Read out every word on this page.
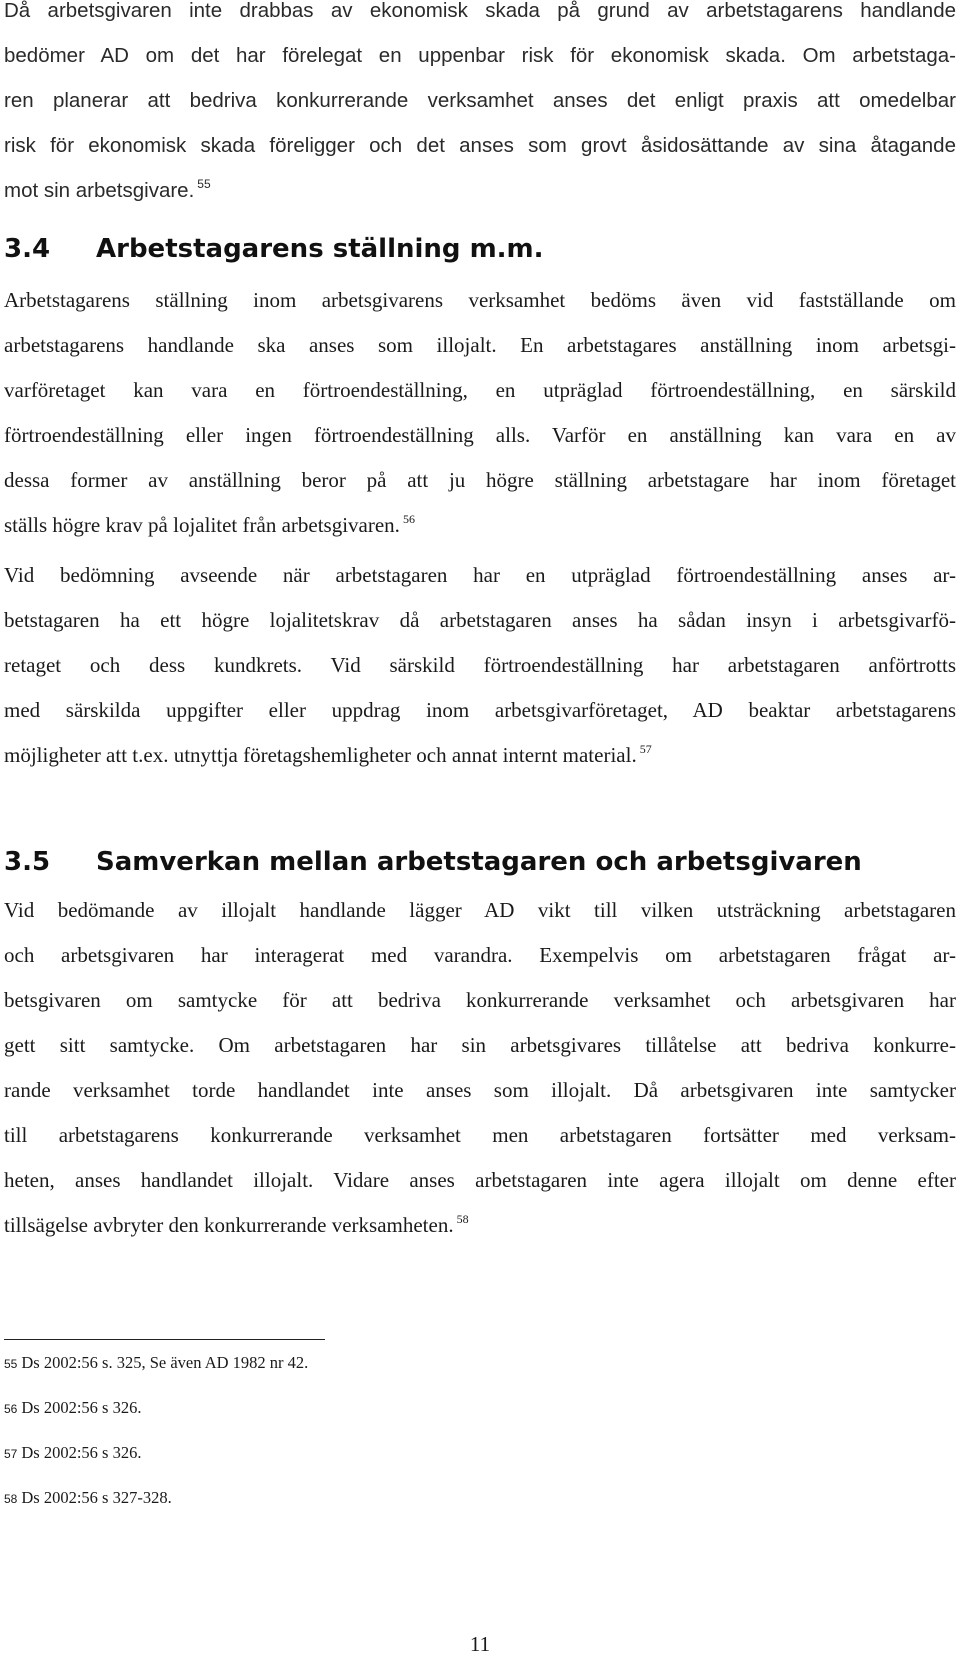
Då arbetsgivaren inte drabbas av ekonomisk skada på grund av arbetstagarens handlande
bedömer AD om det har förelegat en uppenbar risk för ekonomisk skada. Om arbetstaga-
ren planerar att bedriva konkurrerande verksamhet anses det enligt praxis att omedelbar
risk för ekonomisk skada föreligger och det anses som grovt åsidosättande av sina åtagande
mot sin arbetsgivare. $^{55}$

3.4 Arbetstagarens ställning m.m.

Arbetstagarens ställning inom arbetsgivarens verksamhet bedöms även vid fastställande om
arbetstagarens handlande ska anses som illojalt. En arbetstagares anställning inom arbetsgi-
varföretaget kan vara en förtroendeställning, en utpräglad förtroendeställning, en särskild
förtroendeställning eller ingen förtroendeställning alls. Varför en anställning kan vara en av
dessa former av anställning beror på att ju högre ställning arbetstagare har inom företaget
ställs högre krav på lojalitet från arbetsgivaren. $^{56}$

Vid bedömning avseende när arbetstagaren har en utpräglad förtroendeställning anses ar-
betstagaren ha ett högre lojalitetskrav då arbetstagaren anses ha sådan insyn i arbetsgivarfö-
retaget och dess kundkrets. Vid särskild förtroendeställning har arbetstagaren anförtrotts
med särskilda uppgifter eller uppdrag inom arbetsgivarföretaget, AD beaktar arbetstagarens
möjligheter att t.ex. utnyttja företagshemligheter och annat internt material. $^{57}$

3.5 Samverkan mellan arbetstagaren och arbetsgivaren

Vid bedömande av illojalt handlande lägger AD vikt till vilken utsträckning arbetstagaren
och arbetsgivaren har interagerat med varandra. Exempelvis om arbetstagaren frågat ar-
betsgivaren om samtycke för att bedriva konkurrerande verksamhet och arbetsgivaren har
gett sitt samtycke. Om arbetstagaren har sin arbetsgivares tillåtelse att bedriva konkurre-
rande verksamhet torde handlandet inte anses som illojalt. Då arbetsgivaren inte samtycker
till arbetstagarens konkurrerande verksamhet men arbetstagaren fortsätter med verksam-
heten, anses handlandet illojalt. Vidare anses arbetstagaren inte agera illojalt om denne efter
tillsägelse avbryter den konkurrerande verksamheten. $^{58}$

55 Ds 2002:56 s. 325, Se även AD 1982 nr 42.

56 Ds 2002:56 s 326.

57 Ds 2002:56 s 326.

58 Ds 2002:56 s 327-328.

11
